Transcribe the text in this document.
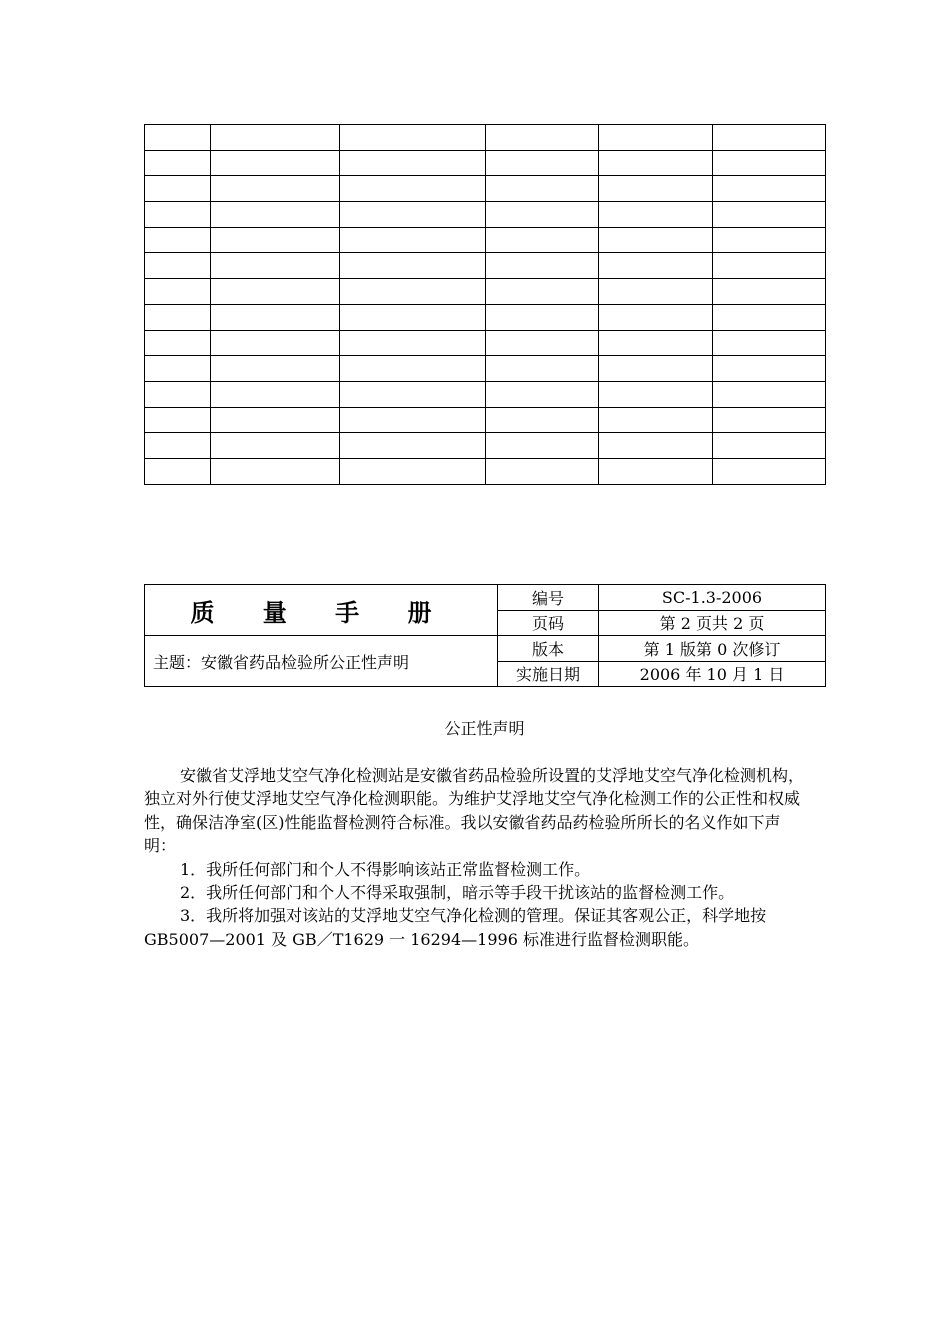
质 量 手 册	编号	SC-1.3-2006
	页码	第 2 页共 2 页
主题：安徽省药品检验所公正性声明	版本	第 1 版第 0 次修订
	实施日期	2006 年 10 月 1 日
公正性声明

安徽省艾浮地艾空气净化检测站是安徽省药品检验所设置的艾浮地艾空气净化检测机构，独立对外行使艾浮地艾空气净化检测职能。为维护艾浮地艾空气净化检测工作的公正性和权威性，确保洁净室(区)性能监督检测符合标准。我以安徽省药品药检验所所长的名义作如下声明：

1．我所任何部门和个人不得影响该站正常监督检测工作。

2．我所任何部门和个人不得采取强制，暗示等手段干扰该站的监督检测工作。

3．我所将加强对该站的艾浮地艾空气净化检测的管理。保证其客观公正，科学地按 GB5007—2001 及 GB／T1629 一 16294—1996 标准进行监督检测职能。
